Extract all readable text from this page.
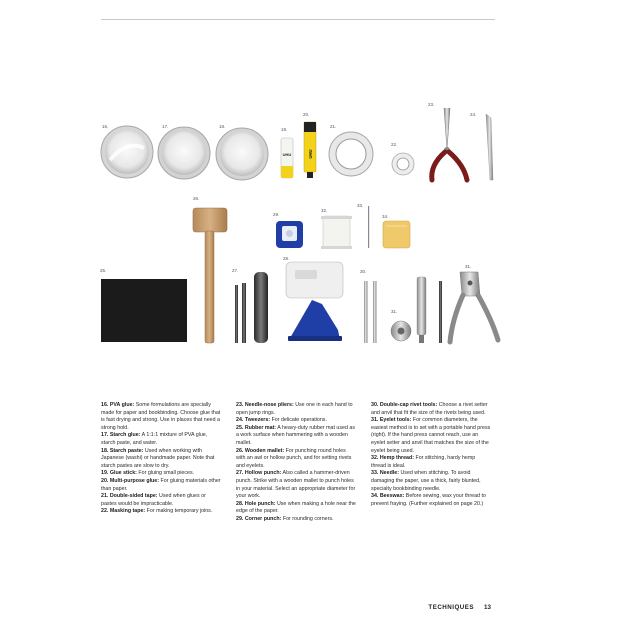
16.	17.	18.
UHU
19.
UHU
20.
21.
22.
23.
24.
25.
26.
27.
29.
28.
32.
33.
34.
30.
31.
31.

16. PVA glue: Some formulations are specially made for paper and bookbinding. Choose glue that is fast drying and strong. Use in places that need a strong hold.

17. Starch glue: A 1:1:1 mixture of PVA glue, starch paste, and water.

18. Starch paste: Used when working with Japanese (washi) or handmade paper. Note that starch pastes are slow to dry.

19. Glue stick: For gluing small pieces.

20. Multi-purpose glue: For gluing materials other than paper.

21. Double-sided tape: Used when glues or pastes would be impracticable.

22. Masking tape: For making temporary joins.

23. Needle-nose pliers: Use one in each hand to open jump rings.

24. Tweezers: For delicate operations.

25. Rubber mat: A heavy-duty rubber mat used as a work surface when hammering with a wooden mallet.

26. Wooden mallet: For punching round holes with an awl or hollow punch, and for setting rivets and eyelets.

27. Hollow punch: Also called a hammer-driven punch. Strike with a wooden mallet to punch holes in your material. Select an appropriate diameter for your work.

28. Hole punch: Use when making a hole near the edge of the paper.

29. Corner punch: For rounding corners.

30. Double-cap rivet tools: Choose a rivet setter and anvil that fit the size of the rivets being used.

31. Eyelet tools: For common diameters, the easiest method is to set with a portable hand press (right). If the hand press cannot reach, use an eyelet setter and anvil that matches the size of the eyelet being used.

32. Hemp thread: For stitching, hardy hemp thread is ideal.

33. Needle: Used when stitching. To avoid damaging the paper, use a thick, fairly blunted, specialty bookbinding needle.

34. Beeswax: Before sewing, wax your thread to prevent fraying. (Further explained on page 20.)

TECHNIQUES 13
